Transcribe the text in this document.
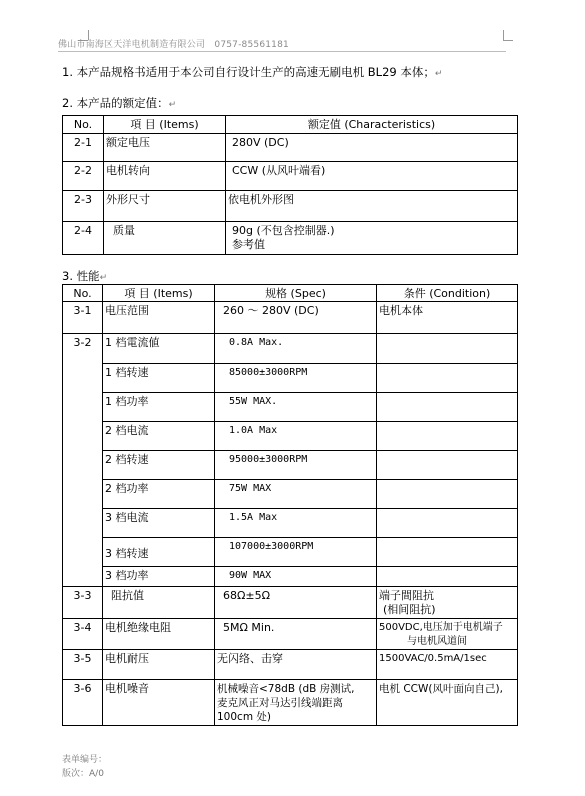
佛山市南海区天洋电机制造有限公司 0757-85561181
1. 本产品规格书适用于本公司自行设计生产的高速无刷电机 BL29 本体；↵
2. 本产品的额定值：↵
No.	項 目 (Items)	额定值 (Characteristics)
2-1	额定电压	280V (DC)
2-2	电机转向	CCW (从风叶端看)
2-3	外形尺寸	依电机外形图
2-4	质量	90g (不包含控制器.)
参考值
3. 性能↵
No.	項 目 (Items)	规格 (Spec)	条件 (Condition)
3-1	电压范围	260 ～ 280V (DC)	电机本体
3-2	1 档電流値	0.8A Max.	
	1 档转速	85000±3000RPM	
	1 档功率	55W MAX.	
	2 档电流	1.0A Max	
	2 档转速	95000±3000RPM	
	2 档功率	75W MAX	
	3 档电流	1.5A Max	
	3 档转速	107000±3000RPM	
	3 档功率	90W MAX	
3-3	阻抗值	68Ω±5Ω	端子間阻抗
(相间阻抗)

3-4	电机绝缘电阻	5MΩ Min.	500VDC,电压加于电机端子
与电机风道间

3-5	电机耐压	无闪络、击穿	1500VAC/0.5mA/1sec
3-6	电机噪音	机械噪音<78dB (dB 房测试,
麦克风正对马达引线端距离
100cm 处)	电机 CCW(风叶面向自己),
表单编号：
版次：A/0
